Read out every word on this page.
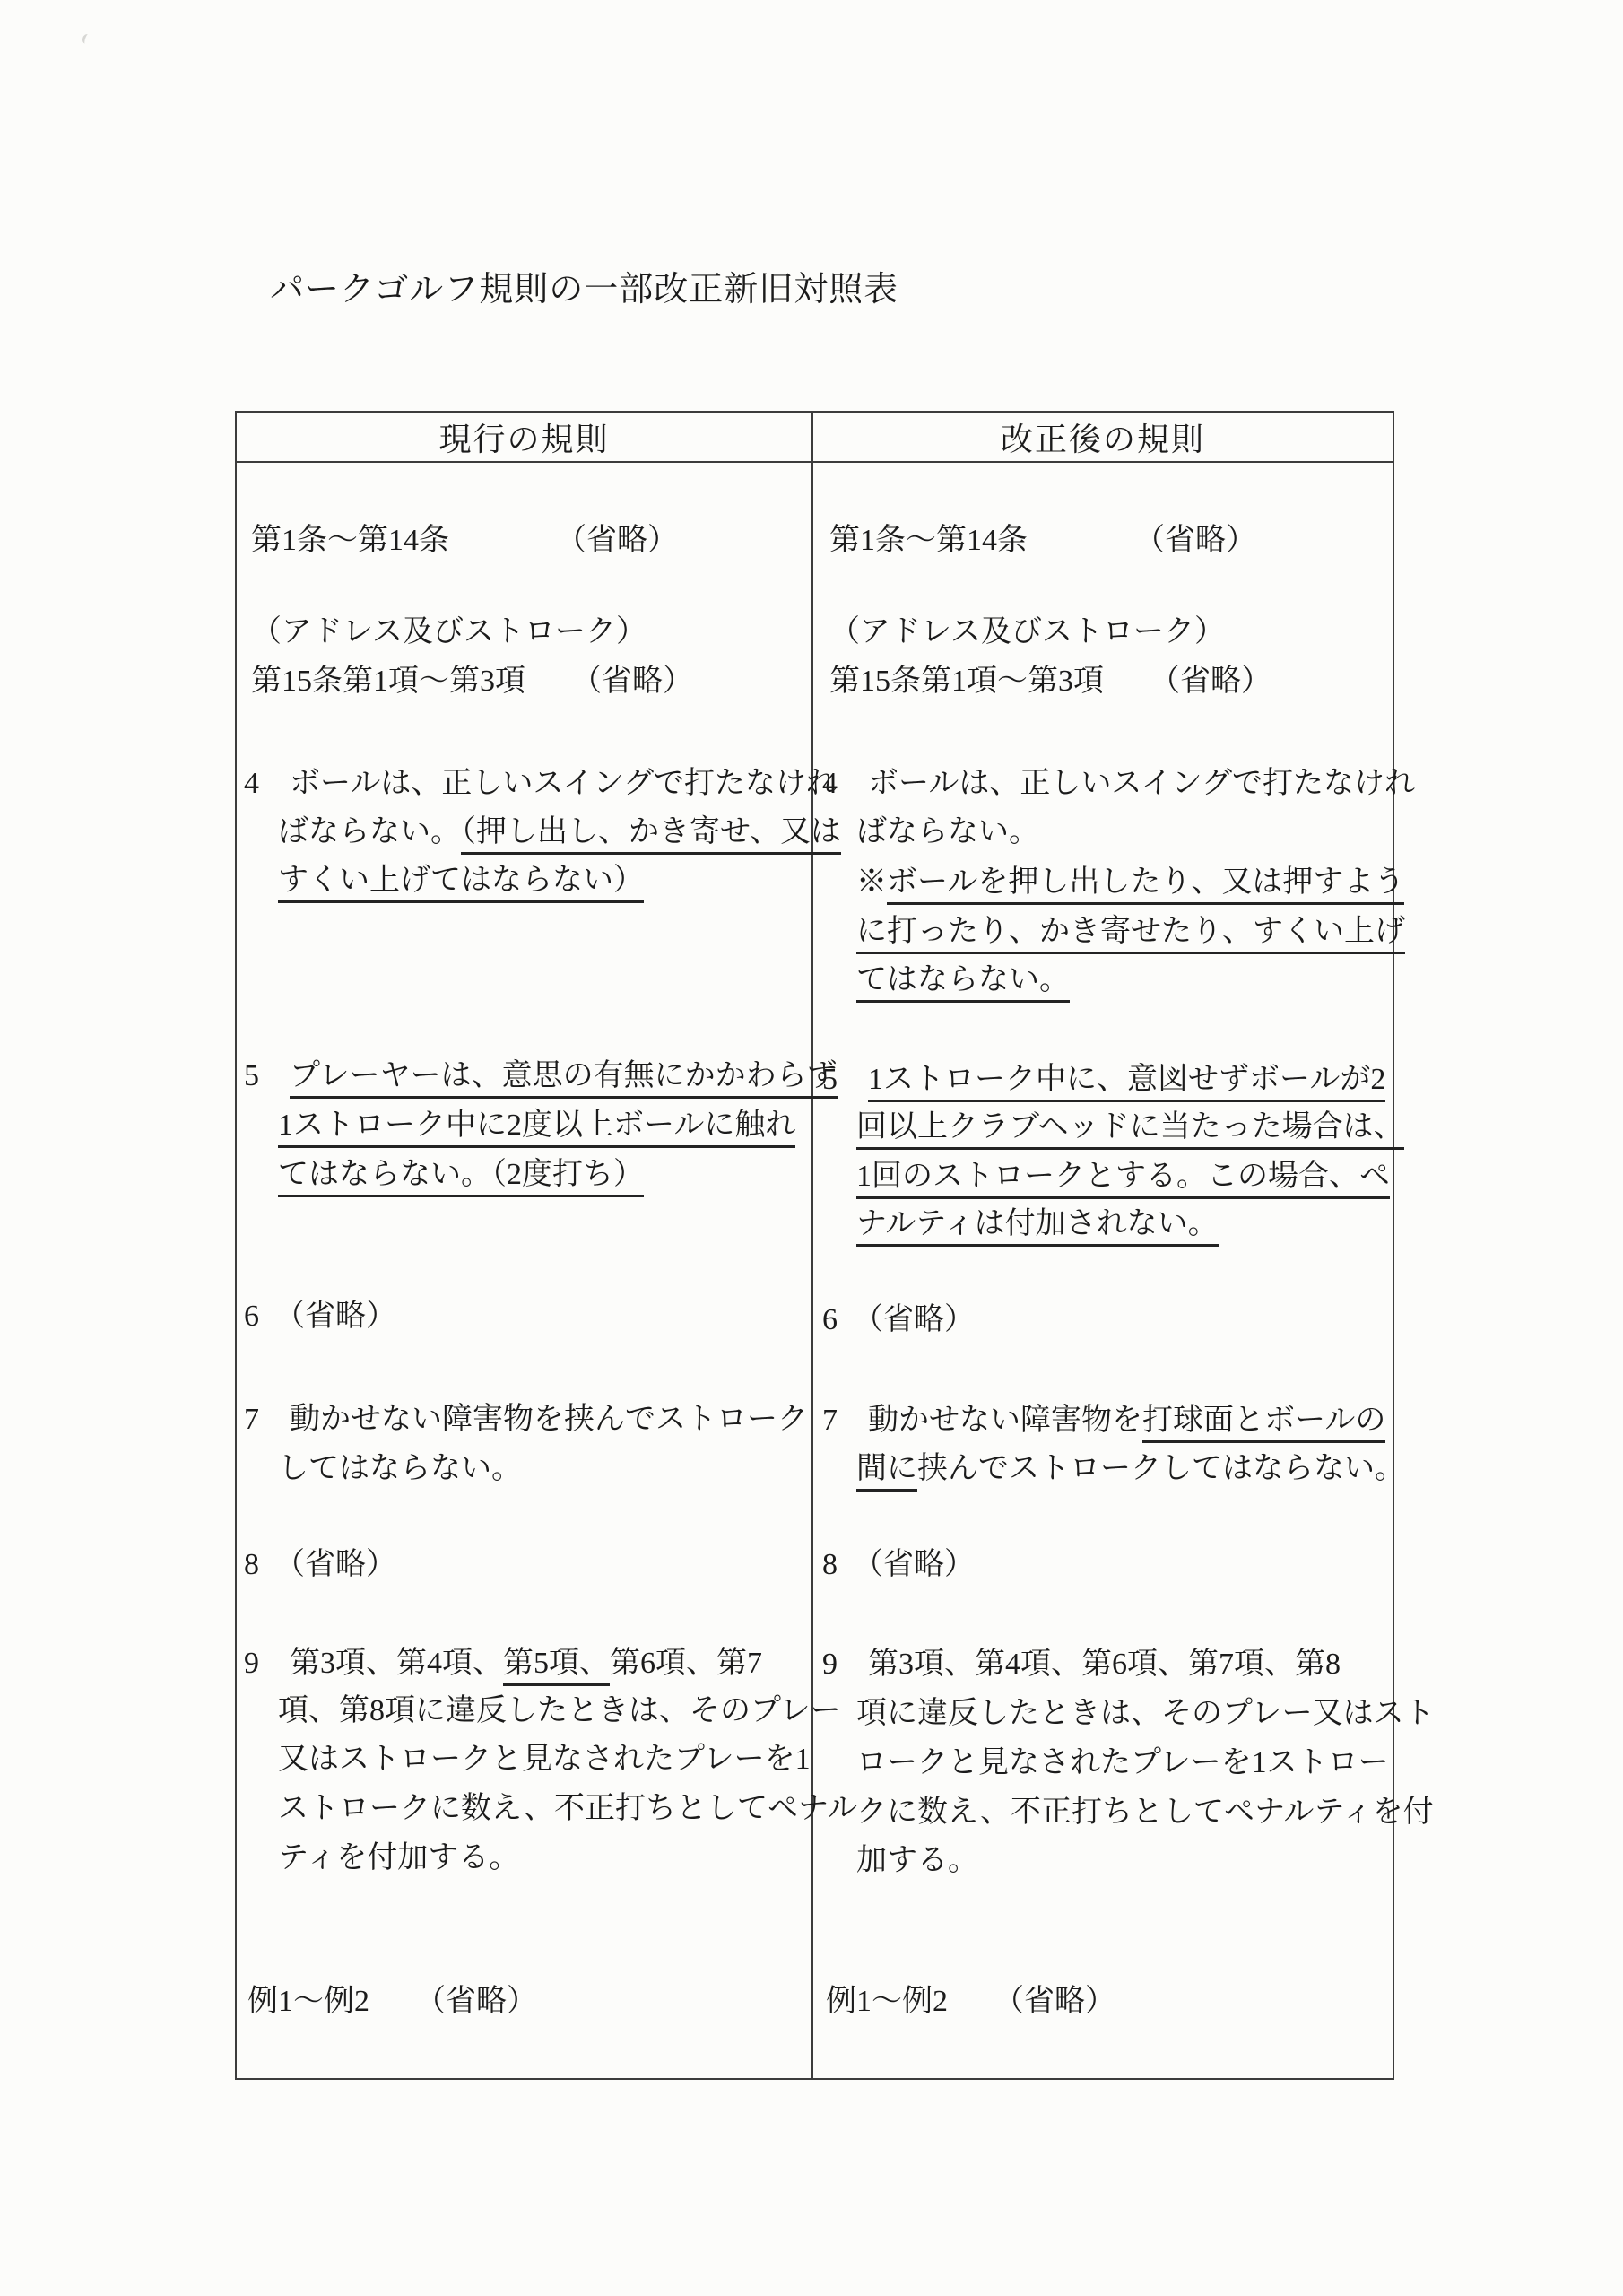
パークゴルフ規則の一部改正新旧対照表
現行の規則	改正後の規則
第1条～第14条　　　　（省略）
（アドレス及びストローク）
第15条第1項～第3項　　（省略）
4　ボールは、正しいスイングで打たなけれ
ばならない。（押し出し、かき寄せ、又は
すくい上げてはならない）
5　プレーヤーは、意思の有無にかかわらず
1ストローク中に2度以上ボールに触れ
てはならない。（2度打ち）
6　（省略）
7　動かせない障害物を挟んでストローク
してはならない。
8　（省略）
9　第3項、第4項、第5項、第6項、第7
項、第8項に違反したときは、そのプレー
又はストロークと見なされたプレーを1
ストロークに数え、不正打ちとしてペナル
ティを付加する。
例1～例2　　（省略）
第1条～第14条　　　　（省略）
（アドレス及びストローク）
第15条第1項～第3項　　（省略）
4　ボールは、正しいスイングで打たなけれ
ばならない。
※ボールを押し出したり、又は押すよう
に打ったり、かき寄せたり、すくい上げ
てはならない。
5　1ストローク中に、意図せずボールが2
回以上クラブヘッドに当たった場合は、
1回のストロークとする。この場合、ペ
ナルティは付加されない。
6　（省略）
7　動かせない障害物を打球面とボールの
間に挟んでストロークしてはならない。
8　（省略）
9　第3項、第4項、第6項、第7項、第8
項に違反したときは、そのプレー又はスト
ロークと見なされたプレーを1ストロー
クに数え、不正打ちとしてペナルティを付
加する。
例1～例2　　（省略）
